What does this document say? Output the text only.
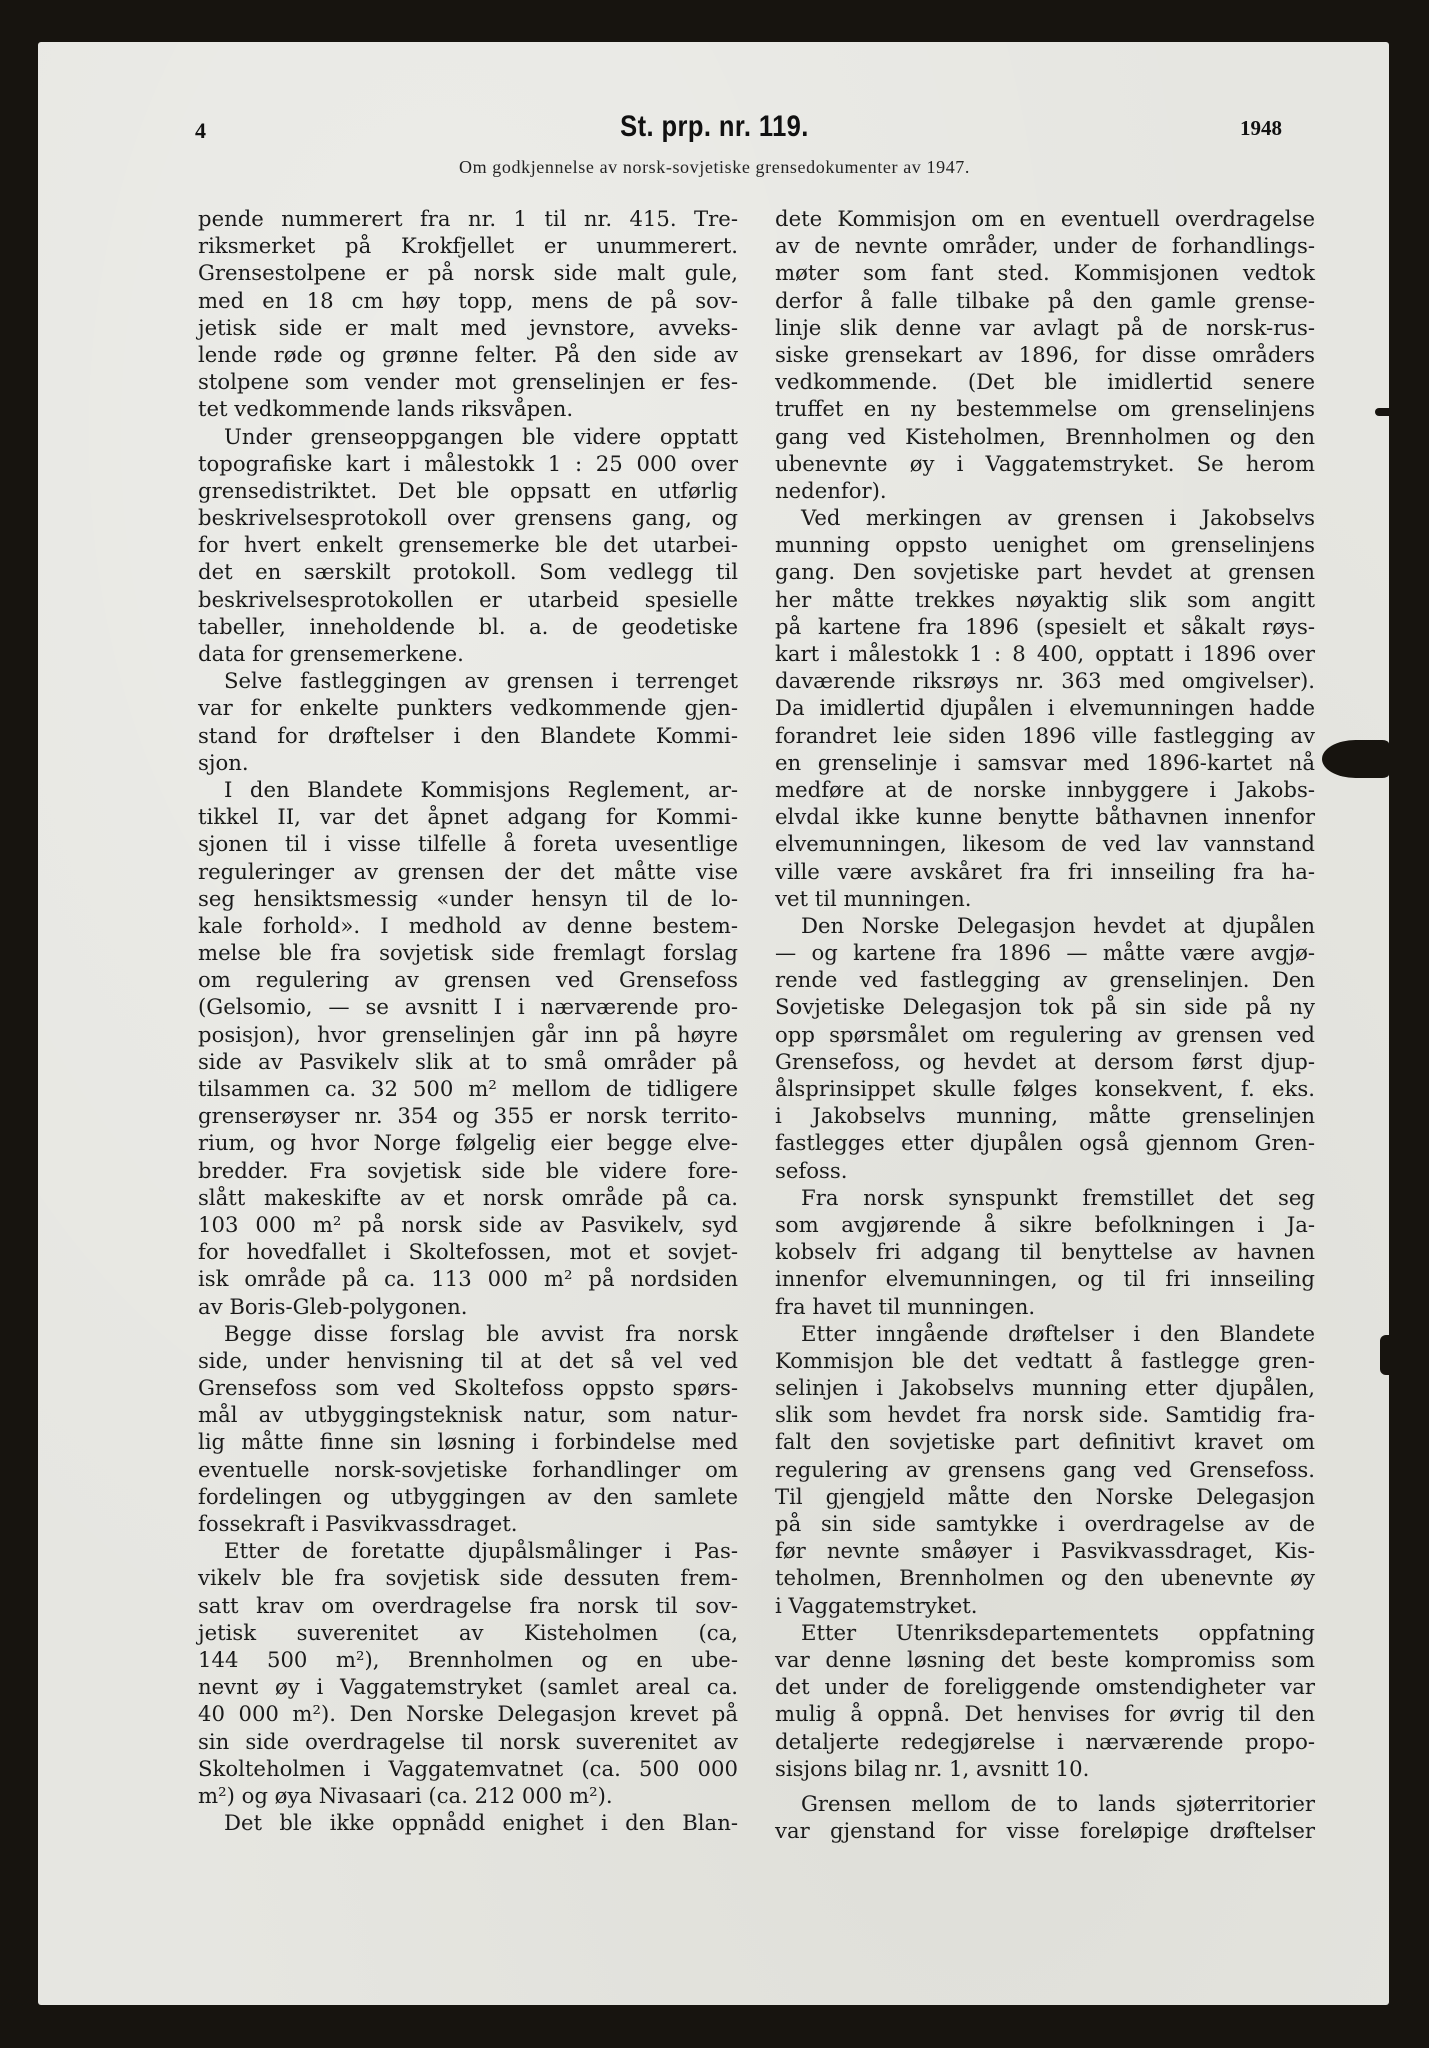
4	St. prp. nr. 119.	1948
Om godkjennelse av norsk-sovjetiske grensedokumenter av 1947.
pende nummerert fra nr. 1 til nr. 415. Tre-
riksmerket på Krokfjellet er unummerert.
Grensestolpene er på norsk side malt gule,
med en 18 cm høy topp, mens de på sov-
jetisk side er malt med jevnstore, avveks-
lende røde og grønne felter. På den side av
stolpene som vender mot grenselinjen er fes-
tet vedkommende lands riksvåpen.
Under grenseoppgangen ble videre opptatt
topografiske kart i målestokk 1 : 25 000 over
grensedistriktet. Det ble oppsatt en utførlig
beskrivelsesprotokoll over grensens gang, og
for hvert enkelt grensemerke ble det utarbei-
det en særskilt protokoll. Som vedlegg til
beskrivelsesprotokollen er utarbeid spesielle
tabeller, inneholdende bl. a. de geodetiske
data for grensemerkene.
Selve fastleggingen av grensen i terrenget
var for enkelte punkters vedkommende gjen-
stand for drøftelser i den Blandete Kommi-
sjon.
I den Blandete Kommisjons Reglement, ar-
tikkel II, var det åpnet adgang for Kommi-
sjonen til i visse tilfelle å foreta uvesentlige
reguleringer av grensen der det måtte vise
seg hensiktsmessig «under hensyn til de lo-
kale forhold». I medhold av denne bestem-
melse ble fra sovjetisk side fremlagt forslag
om regulering av grensen ved Grensefoss
(Gelsomio, — se avsnitt I i nærværende pro-
posisjon), hvor grenselinjen går inn på høyre
side av Pasvikelv slik at to små områder på
tilsammen ca. 32 500 m² mellom de tidligere
grenserøyser nr. 354 og 355 er norsk territo-
rium, og hvor Norge følgelig eier begge elve-
bredder. Fra sovjetisk side ble videre fore-
slått makeskifte av et norsk område på ca.
103 000 m² på norsk side av Pasvikelv, syd
for hovedfallet i Skoltefossen, mot et sovjet-
isk område på ca. 113 000 m² på nordsiden
av Boris-Gleb-polygonen.
Begge disse forslag ble avvist fra norsk
side, under henvisning til at det så vel ved
Grensefoss som ved Skoltefoss oppsto spørs-
mål av utbyggingsteknisk natur, som natur-
lig måtte finne sin løsning i forbindelse med
eventuelle norsk-sovjetiske forhandlinger om
fordelingen og utbyggingen av den samlete
fossekraft i Pasvikvassdraget.
Etter de foretatte djupålsmålinger i Pas-
vikelv ble fra sovjetisk side dessuten frem-
satt krav om overdragelse fra norsk til sov-
jetisk suverenitet av Kisteholmen (ca,
144 500 m²), Brennholmen og en ube-
nevnt øy i Vaggatemstryket (samlet areal ca.
40 000 m²). Den Norske Delegasjon krevet på
sin side overdragelse til norsk suverenitet av
Skolteholmen i Vaggatemvatnet (ca. 500 000
m²) og øya Nivasaari (ca. 212 000 m²).
Det ble ikke oppnådd enighet i den Blan-
dete Kommisjon om en eventuell overdragelse
av de nevnte områder, under de forhandlings-
møter som fant sted. Kommisjonen vedtok
derfor å falle tilbake på den gamle grense-
linje slik denne var avlagt på de norsk-rus-
siske grensekart av 1896, for disse områders
vedkommende. (Det ble imidlertid senere
truffet en ny bestemmelse om grenselinjens
gang ved Kisteholmen, Brennholmen og den
ubenevnte øy i Vaggatemstryket. Se herom
nedenfor).
Ved merkingen av grensen i Jakobselvs
munning oppsto uenighet om grenselinjens
gang. Den sovjetiske part hevdet at grensen
her måtte trekkes nøyaktig slik som angitt
på kartene fra 1896 (spesielt et såkalt røys-
kart i målestokk 1 : 8 400, opptatt i 1896 over
daværende riksrøys nr. 363 med omgivelser).
Da imidlertid djupålen i elvemunningen hadde
forandret leie siden 1896 ville fastlegging av
en grenselinje i samsvar med 1896-kartet nå
medføre at de norske innbyggere i Jakobs-
elvdal ikke kunne benytte båthavnen innenfor
elvemunningen, likesom de ved lav vannstand
ville være avskåret fra fri innseiling fra ha-
vet til munningen.
Den Norske Delegasjon hevdet at djupålen
— og kartene fra 1896 — måtte være avgjø-
rende ved fastlegging av grenselinjen. Den
Sovjetiske Delegasjon tok på sin side på ny
opp spørsmålet om regulering av grensen ved
Grensefoss, og hevdet at dersom først djup-
ålsprinsippet skulle følges konsekvent, f. eks.
i Jakobselvs munning, måtte grenselinjen
fastlegges etter djupålen også gjennom Gren-
sefoss.
Fra norsk synspunkt fremstillet det seg
som avgjørende å sikre befolkningen i Ja-
kobselv fri adgang til benyttelse av havnen
innenfor elvemunningen, og til fri innseiling
fra havet til munningen.
Etter inngående drøftelser i den Blandete
Kommisjon ble det vedtatt å fastlegge gren-
selinjen i Jakobselvs munning etter djupålen,
slik som hevdet fra norsk side. Samtidig fra-
falt den sovjetiske part definitivt kravet om
regulering av grensens gang ved Grensefoss.
Til gjengjeld måtte den Norske Delegasjon
på sin side samtykke i overdragelse av de
før nevnte småøyer i Pasvikvassdraget, Kis-
teholmen, Brennholmen og den ubenevnte øy
i Vaggatemstryket.
Etter Utenriksdepartementets oppfatning
var denne løsning det beste kompromiss som
det under de foreliggende omstendigheter var
mulig å oppnå. Det henvises for øvrig til den
detaljerte redegjørelse i nærværende propo-
sisjons bilag nr. 1, avsnitt 10.
Grensen mellom de to lands sjøterritorier
var gjenstand for visse foreløpige drøftelser
